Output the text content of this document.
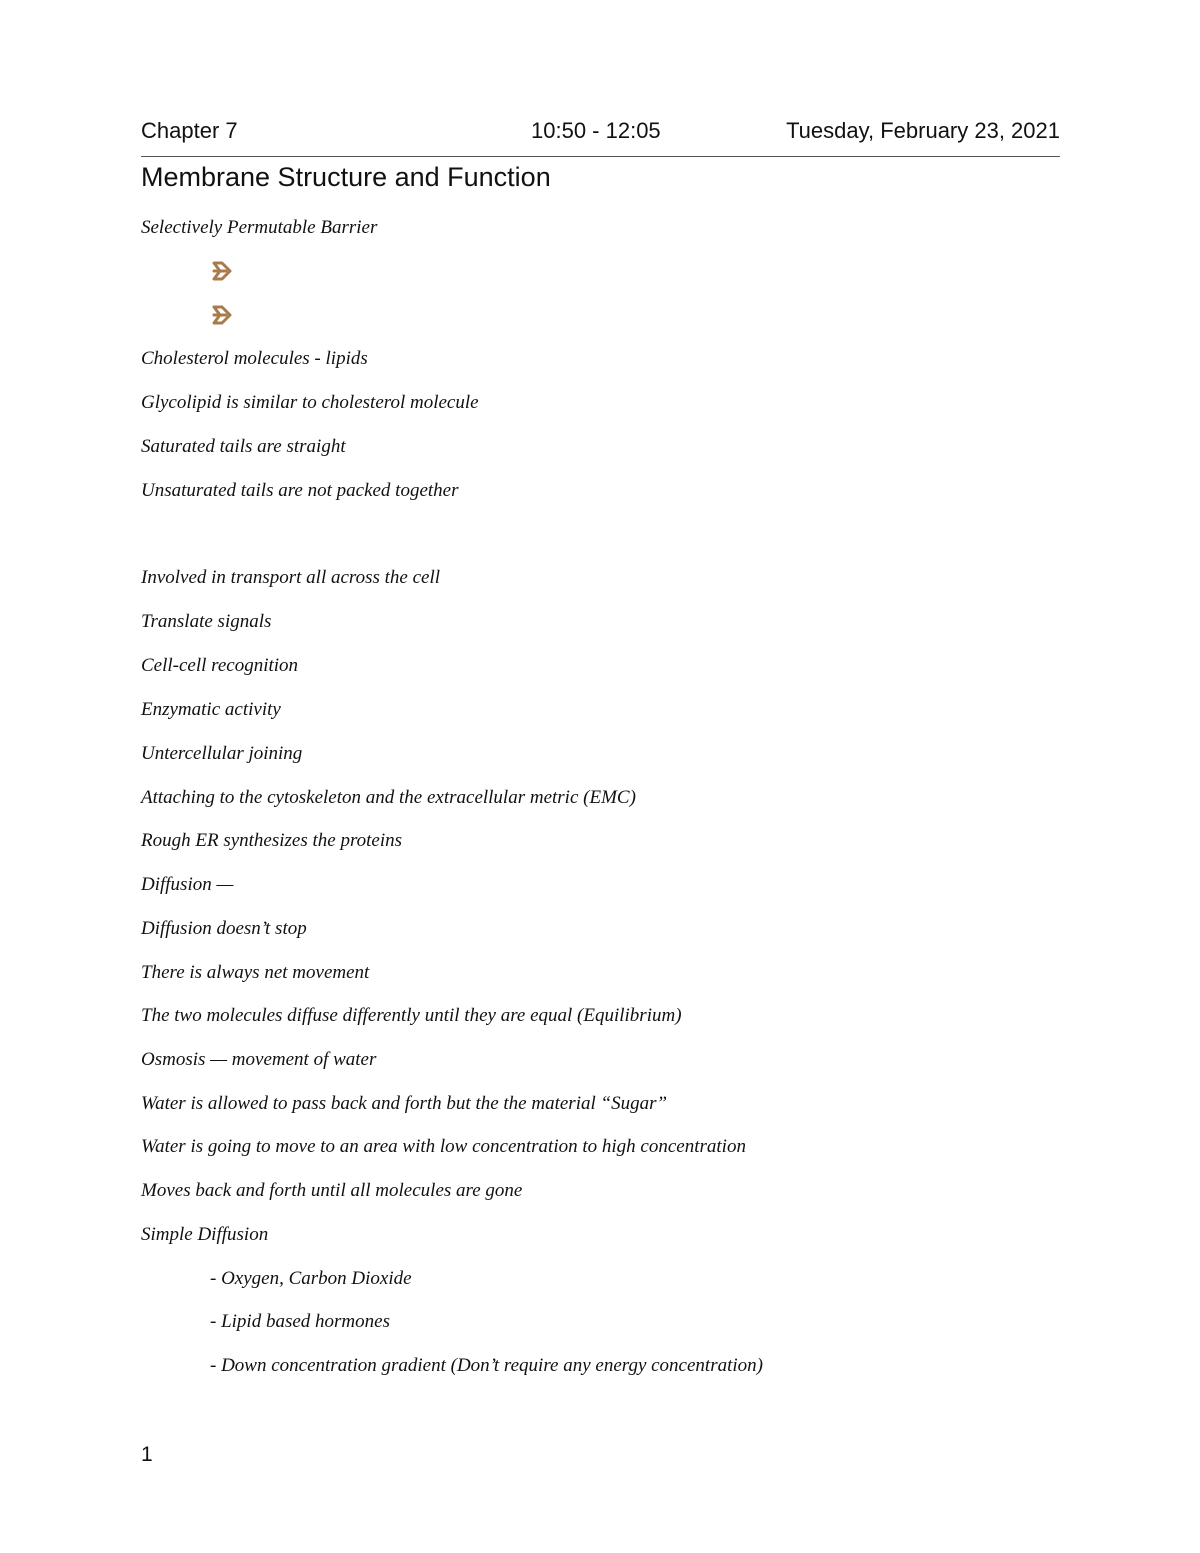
Chapter 7	10:50 - 12:05	Tuesday, February 23, 2021
Membrane Structure and Function
Selectively Permutable Barrier
Cholesterol molecules - lipids
Glycolipid is similar to cholesterol molecule
Saturated tails are straight
Unsaturated tails are not packed together
Involved in transport all across the cell
Translate signals
Cell-cell recognition
Enzymatic activity
Untercellular joining
Attaching to the cytoskeleton and the extracellular metric (EMC)
Rough ER synthesizes the proteins
Diffusion —
Diffusion doesn’t stop
There is always net movement
The two molecules diffuse differently until they are equal (Equilibrium)
Osmosis — movement of water
Water is allowed to pass back and forth but the the material “Sugar”
Water is going to move to an area with low concentration to high concentration
Moves back and forth until all molecules are gone
Simple Diffusion
- Oxygen, Carbon Dioxide
- Lipid based hormones
- Down concentration gradient (Don’t require any energy concentration)
1
